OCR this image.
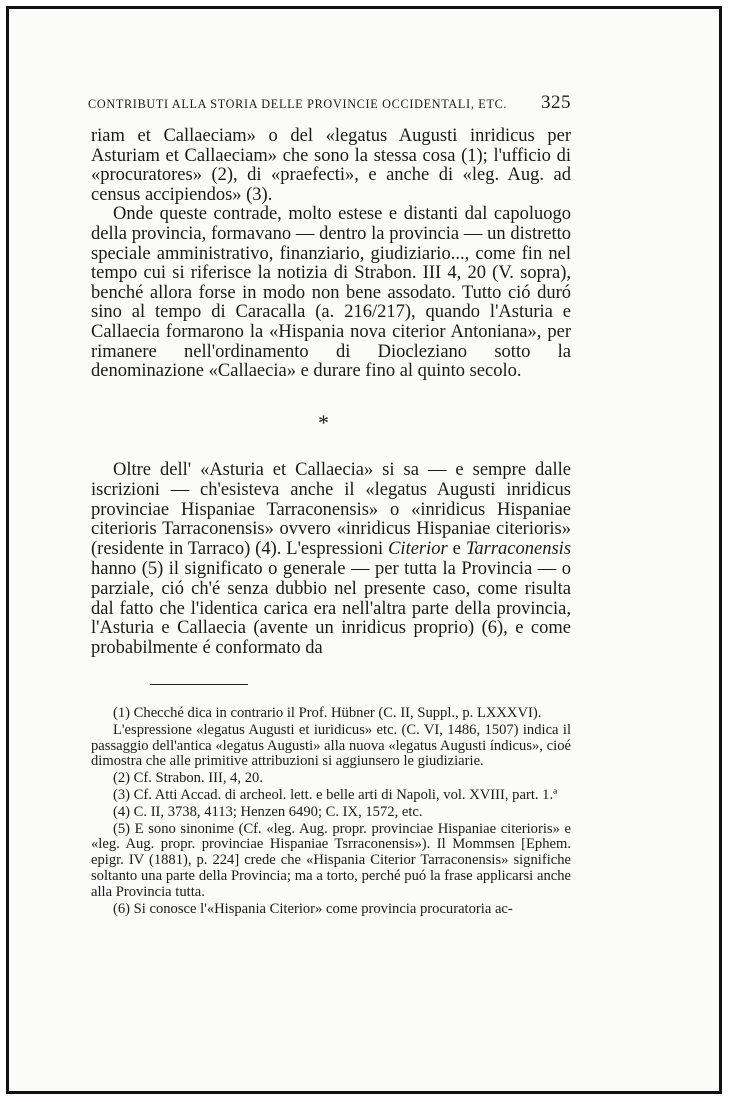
CONTRIBUTI ALLA STORIA DELLE PROVINCIE OCCIDENTALI, ETC. 325

riam et Callaeciam» o del «legatus Augusti inridicus per Asturiam et Callaeciam» che sono la stessa cosa (1); l'ufficio di «procuratores» (2), di «praefecti», e anche di «leg. Aug. ad census accipiendos» (3).

Onde queste contrade, molto estese e distanti dal capoluogo della provincia, formavano — dentro la provincia — un distretto speciale amministrativo, finanziario, giudiziario..., come fin nel tempo cui si riferisce la notizia di Strabon. III 4, 20 (V. sopra), benché allora forse in modo non bene assodato. Tutto ció duró sino al tempo di Caracalla (a. 216/217), quando l'Asturia e Callaecia formarono la «Hispania nova citerior Antoniana», per rimanere nell'ordinamento di Diocleziano sotto la denominazione «Callaecia» e durare fino al quinto secolo.

*

Oltre dell' «Asturia et Callaecia» si sa — e sempre dalle iscrizioni — ch'esisteva anche il «legatus Augusti inridicus provinciae Hispaniae Tarraconensis» o «inridicus Hispaniae citerioris Tarraconensis» ovvero «inridicus Hispaniae citerioris» (residente in Tarraco) (4). L'espressioni Citerior e Tarraconensis hanno (5) il significato o generale — per tutta la Provincia — o parziale, ció ch'é senza dubbio nel presente caso, come risulta dal fatto che l'identica carica era nell'altra parte della provincia, l'Asturia e Callaecia (avente un inridicus proprio) (6), e come probabilmente é conformato da

(1) Checché dica in contrario il Prof. Hübner (C. II, Suppl., p. LXXXVI).

L'espressione «legatus Augusti et iuridicus» etc. (C. VI, 1486, 1507) indica il passaggio dell'antica «legatus Augusti» alla nuova «legatus Augusti índicus», cioé dimostra che alle primitive attribuzioni si aggiunsero le giudiziarie.

(2) Cf. Strabon. III, 4, 20.

(3) Cf. Atti Accad. di archeol. lett. e belle arti di Napoli, vol. XVIII, part. 1.ª

(4) C. II, 3738, 4113; Henzen 6490; C. IX, 1572, etc.

(5) E sono sinonime (Cf. «leg. Aug. propr. provinciae Hispaniae citerioris» e «leg. Aug. propr. provinciae Hispaniae Tsrraconensis»). Il Mommsen [Ephem. epigr. IV (1881), p. 224] crede che «Hispania Citerior Tarraconensis» significhe soltanto una parte della Provincia; ma a torto, perché puó la frase applicarsi anche alla Provincia tutta.

(6) Si conosce l'«Hispania Citerior» come provincia procuratoria ac-
